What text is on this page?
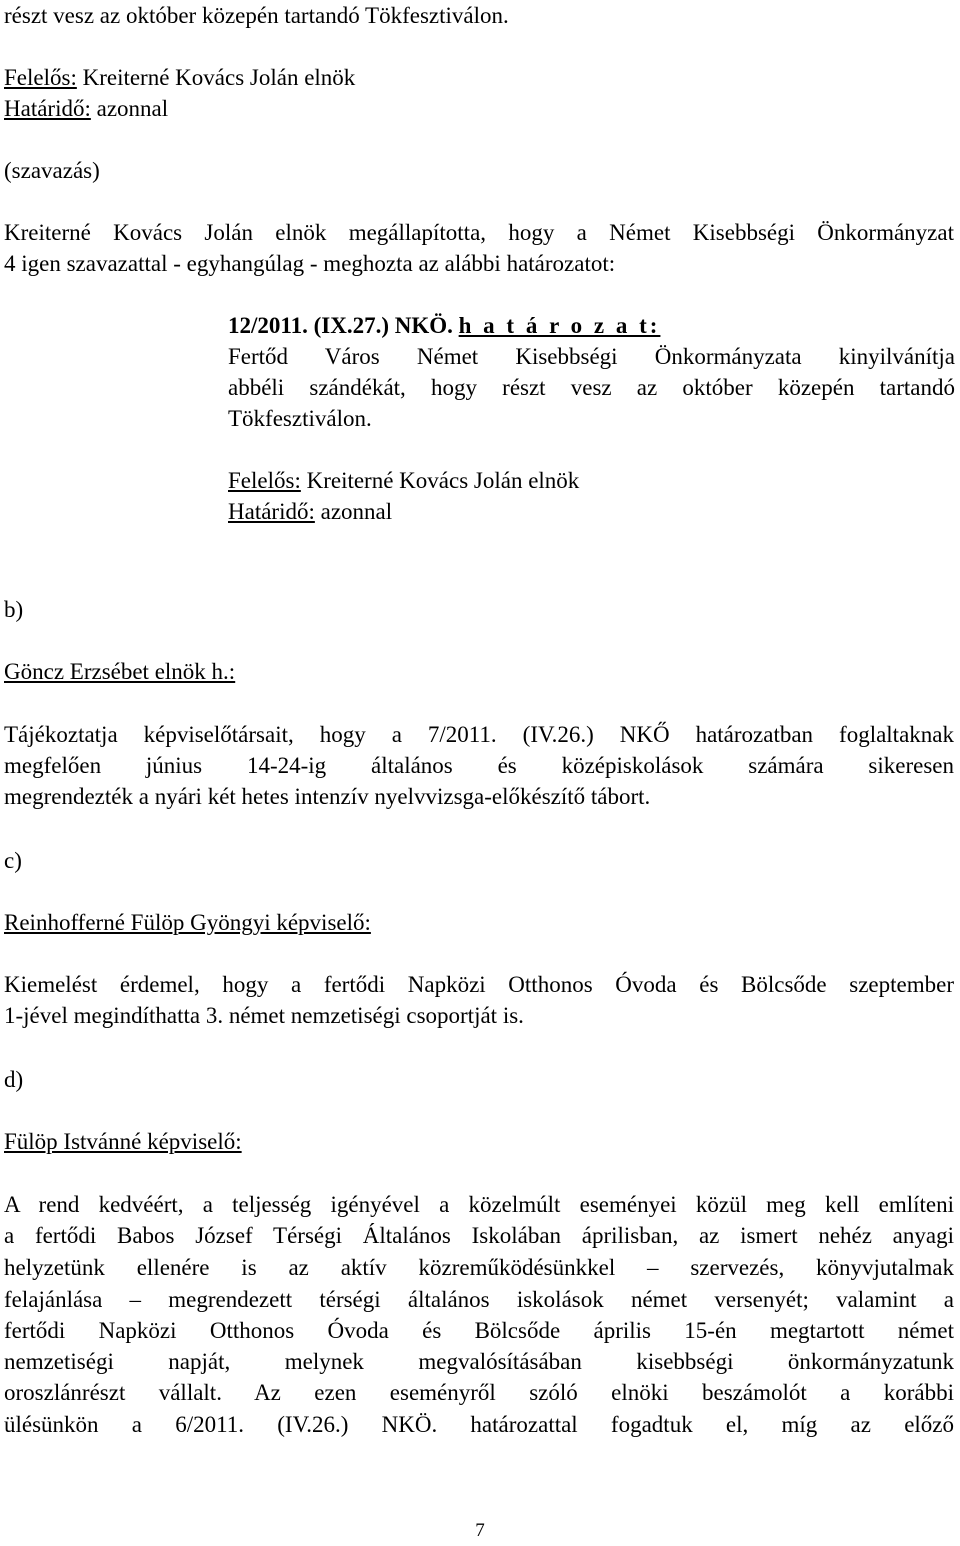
részt vesz az október közepén tartandó Tökfesztiválon.
Felelős: Kreiterné Kovács Jolán elnök
Határidő: azonnal
(szavazás)
Kreiterné Kovács Jolán elnök megállapította, hogy a Német Kisebbségi Önkormányzat
4 igen szavazattal - egyhangúlag - meghozta az alábbi határozatot:
12/2011. (IX.27.) NKÖ. h a t á r o z a t:
Fertőd Város Német Kisebbségi Önkormányzata kinyilvánítja
abbéli szándékát, hogy részt vesz az október közepén tartandó
Tökfesztiválon.
Felelős: Kreiterné Kovács Jolán elnök
Határidő: azonnal
b)
Göncz Erzsébet elnök h.:
Tájékoztatja képviselőtársait, hogy a 7/2011. (IV.26.) NKŐ határozatban foglaltaknak
megfelően június 14-24-ig általános és középiskolások számára sikeresen
megrendezték a nyári két hetes intenzív nyelvvizsga-előkészítő tábort.
c)
Reinhofferné Fülöp Gyöngyi képviselő:
Kiemelést érdemel, hogy a fertődi Napközi Otthonos Óvoda és Bölcsőde szeptember
1-jével megindíthatta 3. német nemzetiségi csoportját is.
d)
Fülöp Istvánné képviselő:
A rend kedvéért, a teljesség igényével a közelmúlt eseményei közül meg kell említeni
a fertődi Babos József Térségi Általános Iskolában áprilisban, az ismert nehéz anyagi
helyzetünk ellenére is az aktív közreműködésünkkel – szervezés, könyvjutalmak
felajánlása – megrendezett térségi általános iskolások német versenyét; valamint a
fertődi Napközi Otthonos Óvoda és Bölcsőde április 15-én megtartott német
nemzetiségi napját, melynek megvalósításában kisebbségi önkormányzatunk
oroszlánrészt vállalt. Az ezen eseményről szóló elnöki beszámolót a korábbi
ülésünkön a 6/2011. (IV.26.) NKÖ. határozattal fogadtuk el, míg az előző
7
